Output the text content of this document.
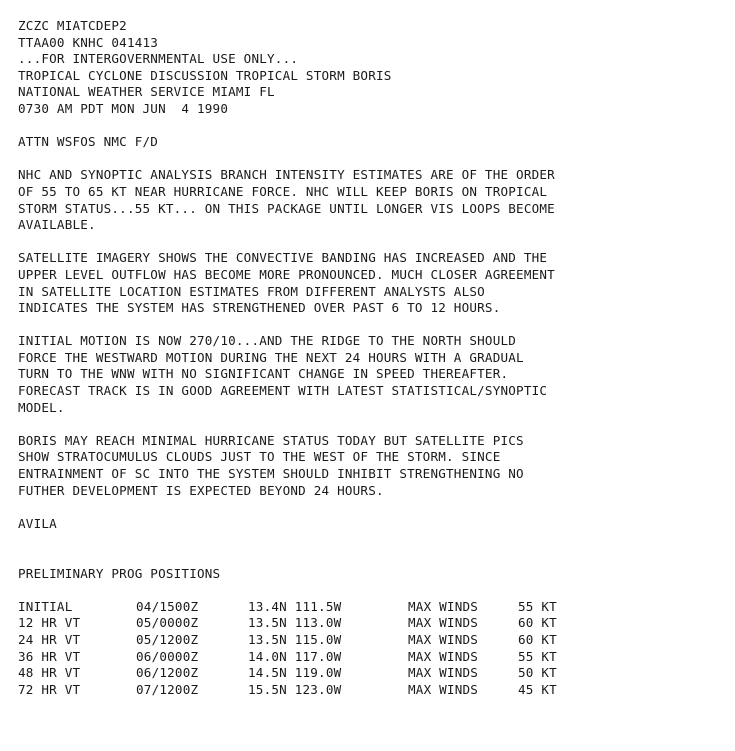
ZCZC MIATCDEP2
TTAA00 KNHC 041413
...FOR INTERGOVERNMENTAL USE ONLY...
TROPICAL CYCLONE DISCUSSION TROPICAL STORM BORIS
NATIONAL WEATHER SERVICE MIAMI FL
0730 AM PDT MON JUN  4 1990
ATTN WSFOS NMC F/D
NHC AND SYNOPTIC ANALYSIS BRANCH INTENSITY ESTIMATES ARE OF THE ORDER
OF 55 TO 65 KT NEAR HURRICANE FORCE. NHC WILL KEEP BORIS ON TROPICAL
STORM STATUS...55 KT... ON THIS PACKAGE UNTIL LONGER VIS LOOPS BECOME
AVAILABLE.
SATELLITE IMAGERY SHOWS THE CONVECTIVE BANDING HAS INCREASED AND THE
UPPER LEVEL OUTFLOW HAS BECOME MORE PRONOUNCED. MUCH CLOSER AGREEMENT
IN SATELLITE LOCATION ESTIMATES FROM DIFFERENT ANALYSTS ALSO
INDICATES THE SYSTEM HAS STRENGTHENED OVER PAST 6 TO 12 HOURS.
INITIAL MOTION IS NOW 270/10...AND THE RIDGE TO THE NORTH SHOULD
FORCE THE WESTWARD MOTION DURING THE NEXT 24 HOURS WITH A GRADUAL
TURN TO THE WNW WITH NO SIGNIFICANT CHANGE IN SPEED THEREAFTER.
FORECAST TRACK IS IN GOOD AGREEMENT WITH LATEST STATISTICAL/SYNOPTIC
MODEL.
BORIS MAY REACH MINIMAL HURRICANE STATUS TODAY BUT SATELLITE PICS
SHOW STRATOCUMULUS CLOUDS JUST TO THE WEST OF THE STORM. SINCE
ENTRAINMENT OF SC INTO THE SYSTEM SHOULD INHIBIT STRENGTHENING NO
FUTHER DEVELOPMENT IS EXPECTED BEYOND 24 HOURS.
AVILA
PRELIMINARY PROG POSITIONS
INITIAL	04/1500Z	13.4N 111.5W	MAX WINDS	55 KT
12 HR VT	05/0000Z	13.5N 113.0W	MAX WINDS	60 KT
24 HR VT	05/1200Z	13.5N 115.0W	MAX WINDS	60 KT
36 HR VT	06/0000Z	14.0N 117.0W	MAX WINDS	55 KT
48 HR VT	06/1200Z	14.5N 119.0W	MAX WINDS	50 KT
72 HR VT	07/1200Z	15.5N 123.0W	MAX WINDS	45 KT
